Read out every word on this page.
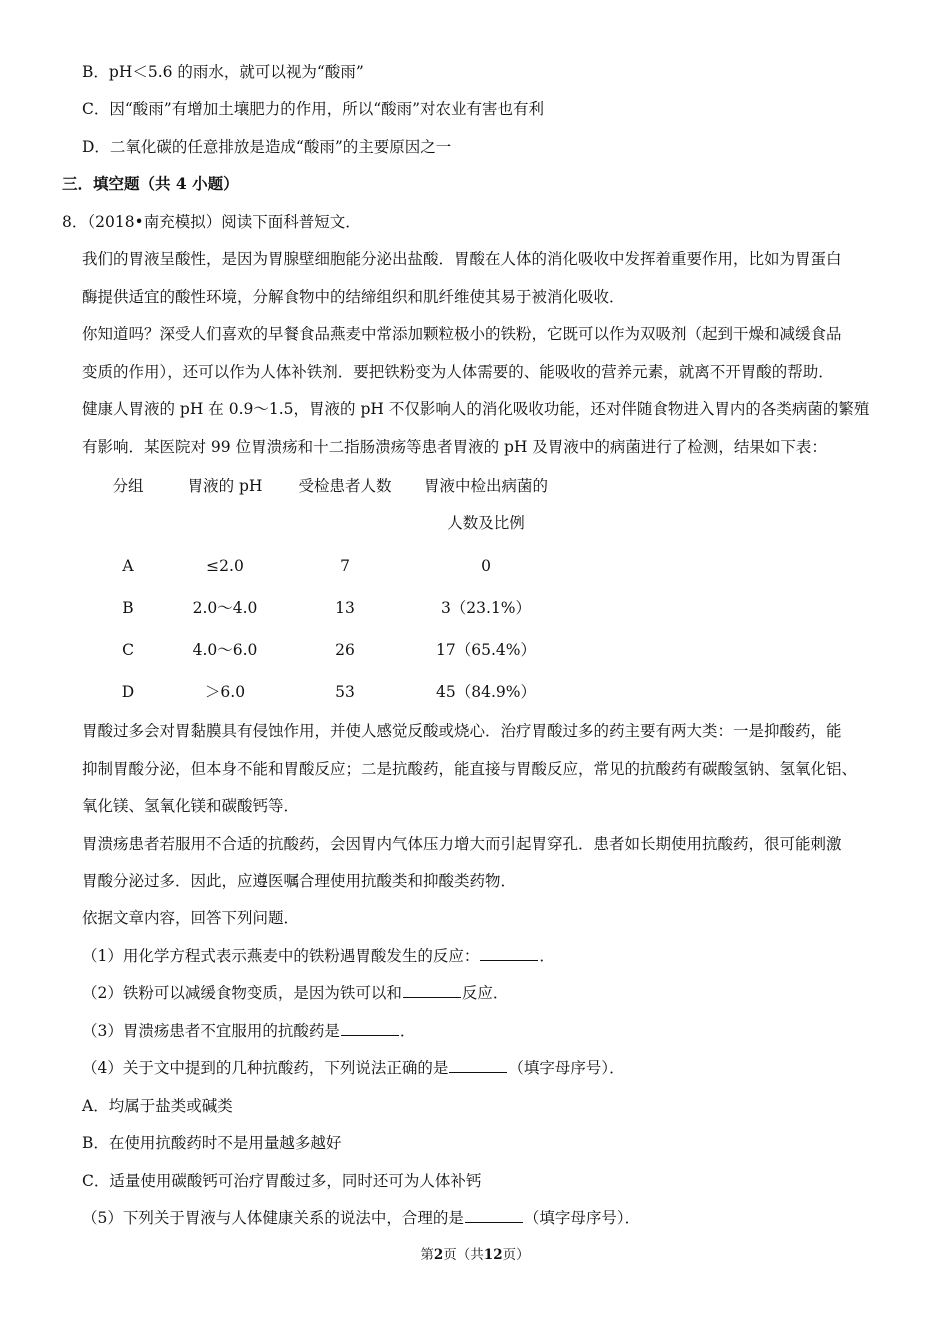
B．pH＜5.6 的雨水，就可以视为“酸雨”
C．因“酸雨”有增加土壤肥力的作用，所以“酸雨”对农业有害也有利
D．二氧化碳的任意排放是造成“酸雨”的主要原因之一
三．填空题（共 4 小题）
8．（2018•南充模拟）阅读下面科普短文．
我们的胃液呈酸性，是因为胃腺壁细胞能分泌出盐酸．胃酸在人体的消化吸收中发挥着重要作用，比如为胃蛋白
酶提供适宜的酸性环境，分解食物中的结缔组织和肌纤维使其易于被消化吸收．
你知道吗？深受人们喜欢的早餐食品燕麦中常添加颗粒极小的铁粉，它既可以作为双吸剂（起到干燥和减缓食品
变质的作用），还可以作为人体补铁剂．要把铁粉变为人体需要的、能吸收的营养元素，就离不开胃酸的帮助．
健康人胃液的 pH 在 0.9～1.5，胃液的 pH 不仅影响人的消化吸收功能，还对伴随食物进入胃内的各类病菌的繁殖
有影响．某医院对 99 位胃溃疡和十二指肠溃疡等患者胃液的 pH 及胃液中的病菌进行了检测，结果如下表：
分组	胃液的 pH	受检患者人数	胃液中检出病菌的
人数及比例
A	≤2.0	7	0
B	2.0～4.0	13	3（23.1%）
C	4.0～6.0	26	17（65.4%）
D	＞6.0	53	45（84.9%）
胃酸过多会对胃黏膜具有侵蚀作用，并使人感觉反酸或烧心．治疗胃酸过多的药主要有两大类：一是抑酸药，能
抑制胃酸分泌，但本身不能和胃酸反应；二是抗酸药，能直接与胃酸反应，常见的抗酸药有碳酸氢钠、氢氧化铝、
氧化镁、氢氧化镁和碳酸钙等．
胃溃疡患者若服用不合适的抗酸药，会因胃内气体压力增大而引起胃穿孔．患者如长期使用抗酸药，很可能刺激
胃酸分泌过多．因此，应遵医嘱合理使用抗酸类和抑酸类药物．
依据文章内容，回答下列问题．
（1）用化学方程式表示燕麦中的铁粉遇胃酸发生的反应：	．
（2）铁粉可以减缓食物变质，是因为铁可以和	反应．
（3）胃溃疡患者不宜服用的抗酸药是	．
（4）关于文中提到的几种抗酸药，下列说法正确的是	（填字母序号）．
A．均属于盐类或碱类
B．在使用抗酸药时不是用量越多越好
C．适量使用碳酸钙可治疗胃酸过多，同时还可为人体补钙
（5）下列关于胃液与人体健康关系的说法中，合理的是	（填字母序号）．
第2页（共12页）
